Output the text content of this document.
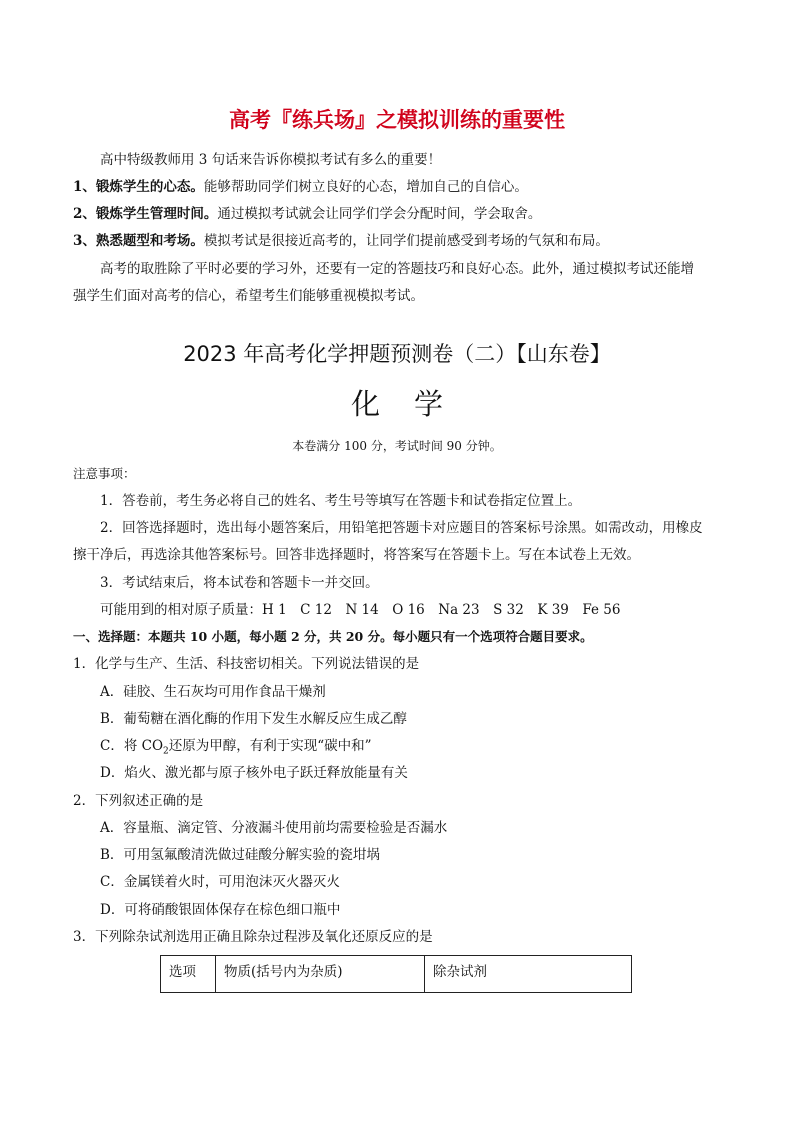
高考『练兵场』之模拟训练的重要性
高中特级教师用 3 句话来告诉你模拟考试有多么的重要！
1、锻炼学生的心态。能够帮助同学们树立良好的心态，增加自己的自信心。
2、锻炼学生管理时间。通过模拟考试就会让同学们学会分配时间，学会取舍。
3、熟悉题型和考场。模拟考试是很接近高考的，让同学们提前感受到考场的气氛和布局。
高考的取胜除了平时必要的学习外，还要有一定的答题技巧和良好心态。此外，通过模拟考试还能增
强学生们面对高考的信心，希望考生们能够重视模拟考试。
2023 年高考化学押题预测卷（二）【山东卷】
化学
本卷满分 100 分，考试时间 90 分钟。
注意事项：
1．答卷前，考生务必将自己的姓名、考生号等填写在答题卡和试卷指定位置上。
2．回答选择题时，选出每小题答案后，用铅笔把答题卡对应题目的答案标号涂黑。如需改动，用橡皮
擦干净后，再选涂其他答案标号。回答非选择题时，将答案写在答题卡上。写在本试卷上无效。
3．考试结束后，将本试卷和答题卡一并交回。
可能用到的相对原子质量：H 1　C 12　N 14　O 16　Na 23　S 32　K 39　Fe 56
一、选择题：本题共 10 小题，每小题 2 分，共 20 分。每小题只有一个选项符合题目要求。
1．化学与生产、生活、科技密切相关。下列说法错误的是
A．硅胶、生石灰均可用作食品干燥剂
B．葡萄糖在酒化酶的作用下发生水解反应生成乙醇
C．将 $CO_2$还原为甲醇，有利于实现“碳中和”
D．焰火、激光都与原子核外电子跃迁释放能量有关
2．下列叙述正确的是
A．容量瓶、滴定管、分液漏斗使用前均需要检验是否漏水
B．可用氢氟酸清洗做过硅酸分解实验的瓷坩埚
C．金属镁着火时，可用泡沫灭火器灭火
D．可将硝酸银固体保存在棕色细口瓶中
3．下列除杂试剂选用正确且除杂过程涉及氧化还原反应的是
选项	物质(括号内为杂质)	除杂试剂
